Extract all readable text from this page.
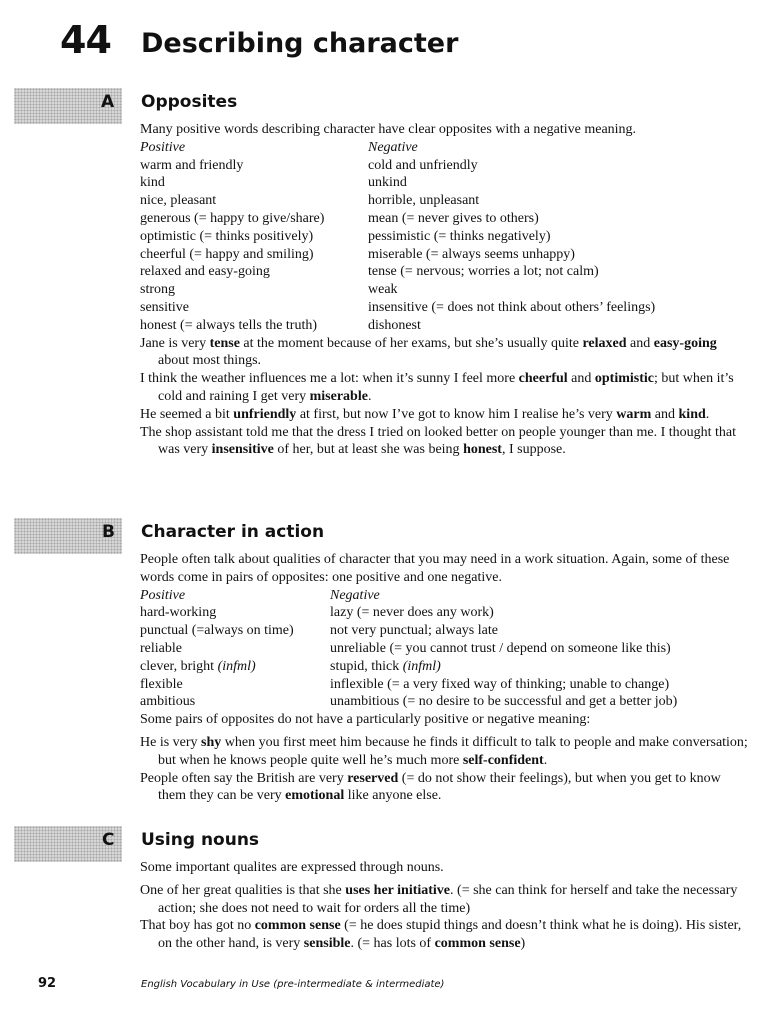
44 Describing character
A Opposites

Many positive words describing character have clear opposites with a negative meaning.

Positive	Negative
warm and friendly	cold and unfriendly
kind	unkind
nice, pleasant	horrible, unpleasant
generous (= happy to give/share)	mean (= never gives to others)
optimistic (= thinks positively)	pessimistic (= thinks negatively)
cheerful (= happy and smiling)	miserable (= always seems unhappy)
relaxed and easy-going	tense (= nervous; worries a lot; not calm)
strong	weak
sensitive	insensitive (= does not think about others’ feelings)
honest (= always tells the truth)	dishonest

Jane is very tense at the moment because of her exams, but she’s usually quite relaxed and easy-going about most things.

I think the weather influences me a lot: when it’s sunny I feel more cheerful and optimistic; but when it’s cold and raining I get very miserable.

He seemed a bit unfriendly at first, but now I’ve got to know him I realise he’s very warm and kind.

The shop assistant told me that the dress I tried on looked better on people younger than me. I thought that was very insensitive of her, but at least she was being honest, I suppose.

B Character in action

People often talk about qualities of character that you may need in a work situation. Again, some of these words come in pairs of opposites: one positive and one negative.

Positive	Negative
hard-working	lazy (= never does any work)
punctual (=always on time)	not very punctual; always late
reliable	unreliable (= you cannot trust / depend on someone like this)
clever, bright (infml)	stupid, thick (infml)
flexible	inflexible (= a very fixed way of thinking; unable to change)
ambitious	unambitious (= no desire to be successful and get a better job)

Some pairs of opposites do not have a particularly positive or negative meaning:

He is very shy when you first meet him because he finds it difficult to talk to people and make conversation; but when he knows people quite well he’s much more self-confident.

People often say the British are very reserved (= do not show their feelings), but when you get to know them they can be very emotional like anyone else.

C Using nouns

Some important qualites are expressed through nouns.

One of her great qualities is that she uses her initiative. (= she can think for herself and take the necessary action; she does not need to wait for orders all the time)

That boy has got no common sense (= he does stupid things and doesn’t think what he is doing). His sister, on the other hand, is very sensible. (= has lots of common sense)

92	English Vocabulary in Use (pre-intermediate & intermediate)
